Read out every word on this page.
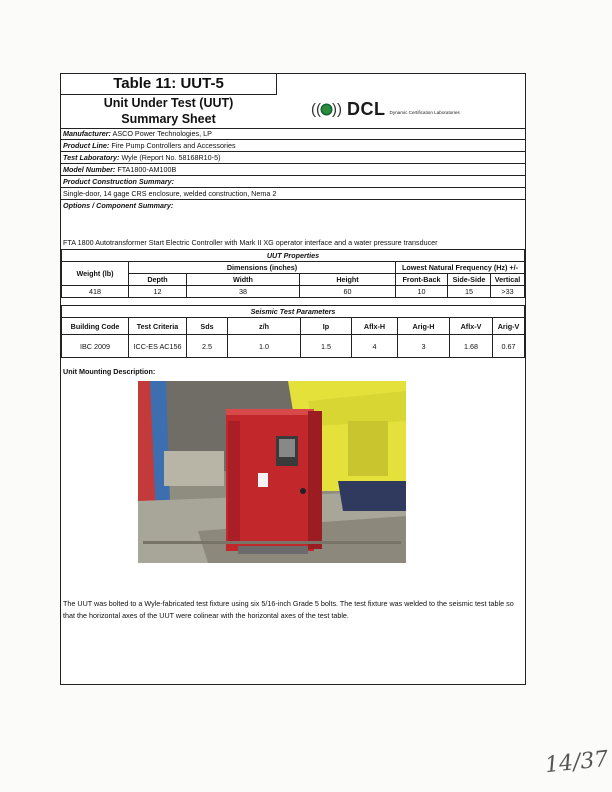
Table 11: UUT-5
Unit Under Test (UUT)
Summary Sheet
(( )) DCL Dynamic Certification Laboratories
Manufacturer: ASCO Power Technologies, LP
Product Line: Fire Pump Controllers and Accessories
Test Laboratory: Wyle (Report No. 58168R10-5)
Model Number: FTA1800-AM100B
Product Construction Summary:
Single-door, 14 gage CRS enclosure, welded construction, Nema 2
Options / Component Summary:
FTA 1800 Autotransformer Start Electric Controller with Mark II XG operator interface and a water pressure transducer
UUT Properties						
Weight (lb)	Dimensions (inches)			Lowest Natural Frequency (Hz) +/-		
	Depth	Width	Height	Front-Back	Side-Side	Vertical
418	12	38	60	10	15	>33
Seismic Test Parameters								
Building Code	Test Criteria	Sds	z/h	Ip	Aflx-H	Arig-H	Aflx-V	Arig-V
IBC 2009	ICC-ES AC156	2.5	1.0	1.5	4	3	1.68	0.67
Unit Mounting Description:
The UUT was bolted to a Wyle-fabricated test fixture using six 5/16-inch Grade 5 bolts. The test fixture was welded to the seismic test table so that the horizontal axes of the UUT were colinear with the horizontal axes of the test table.
14/37
